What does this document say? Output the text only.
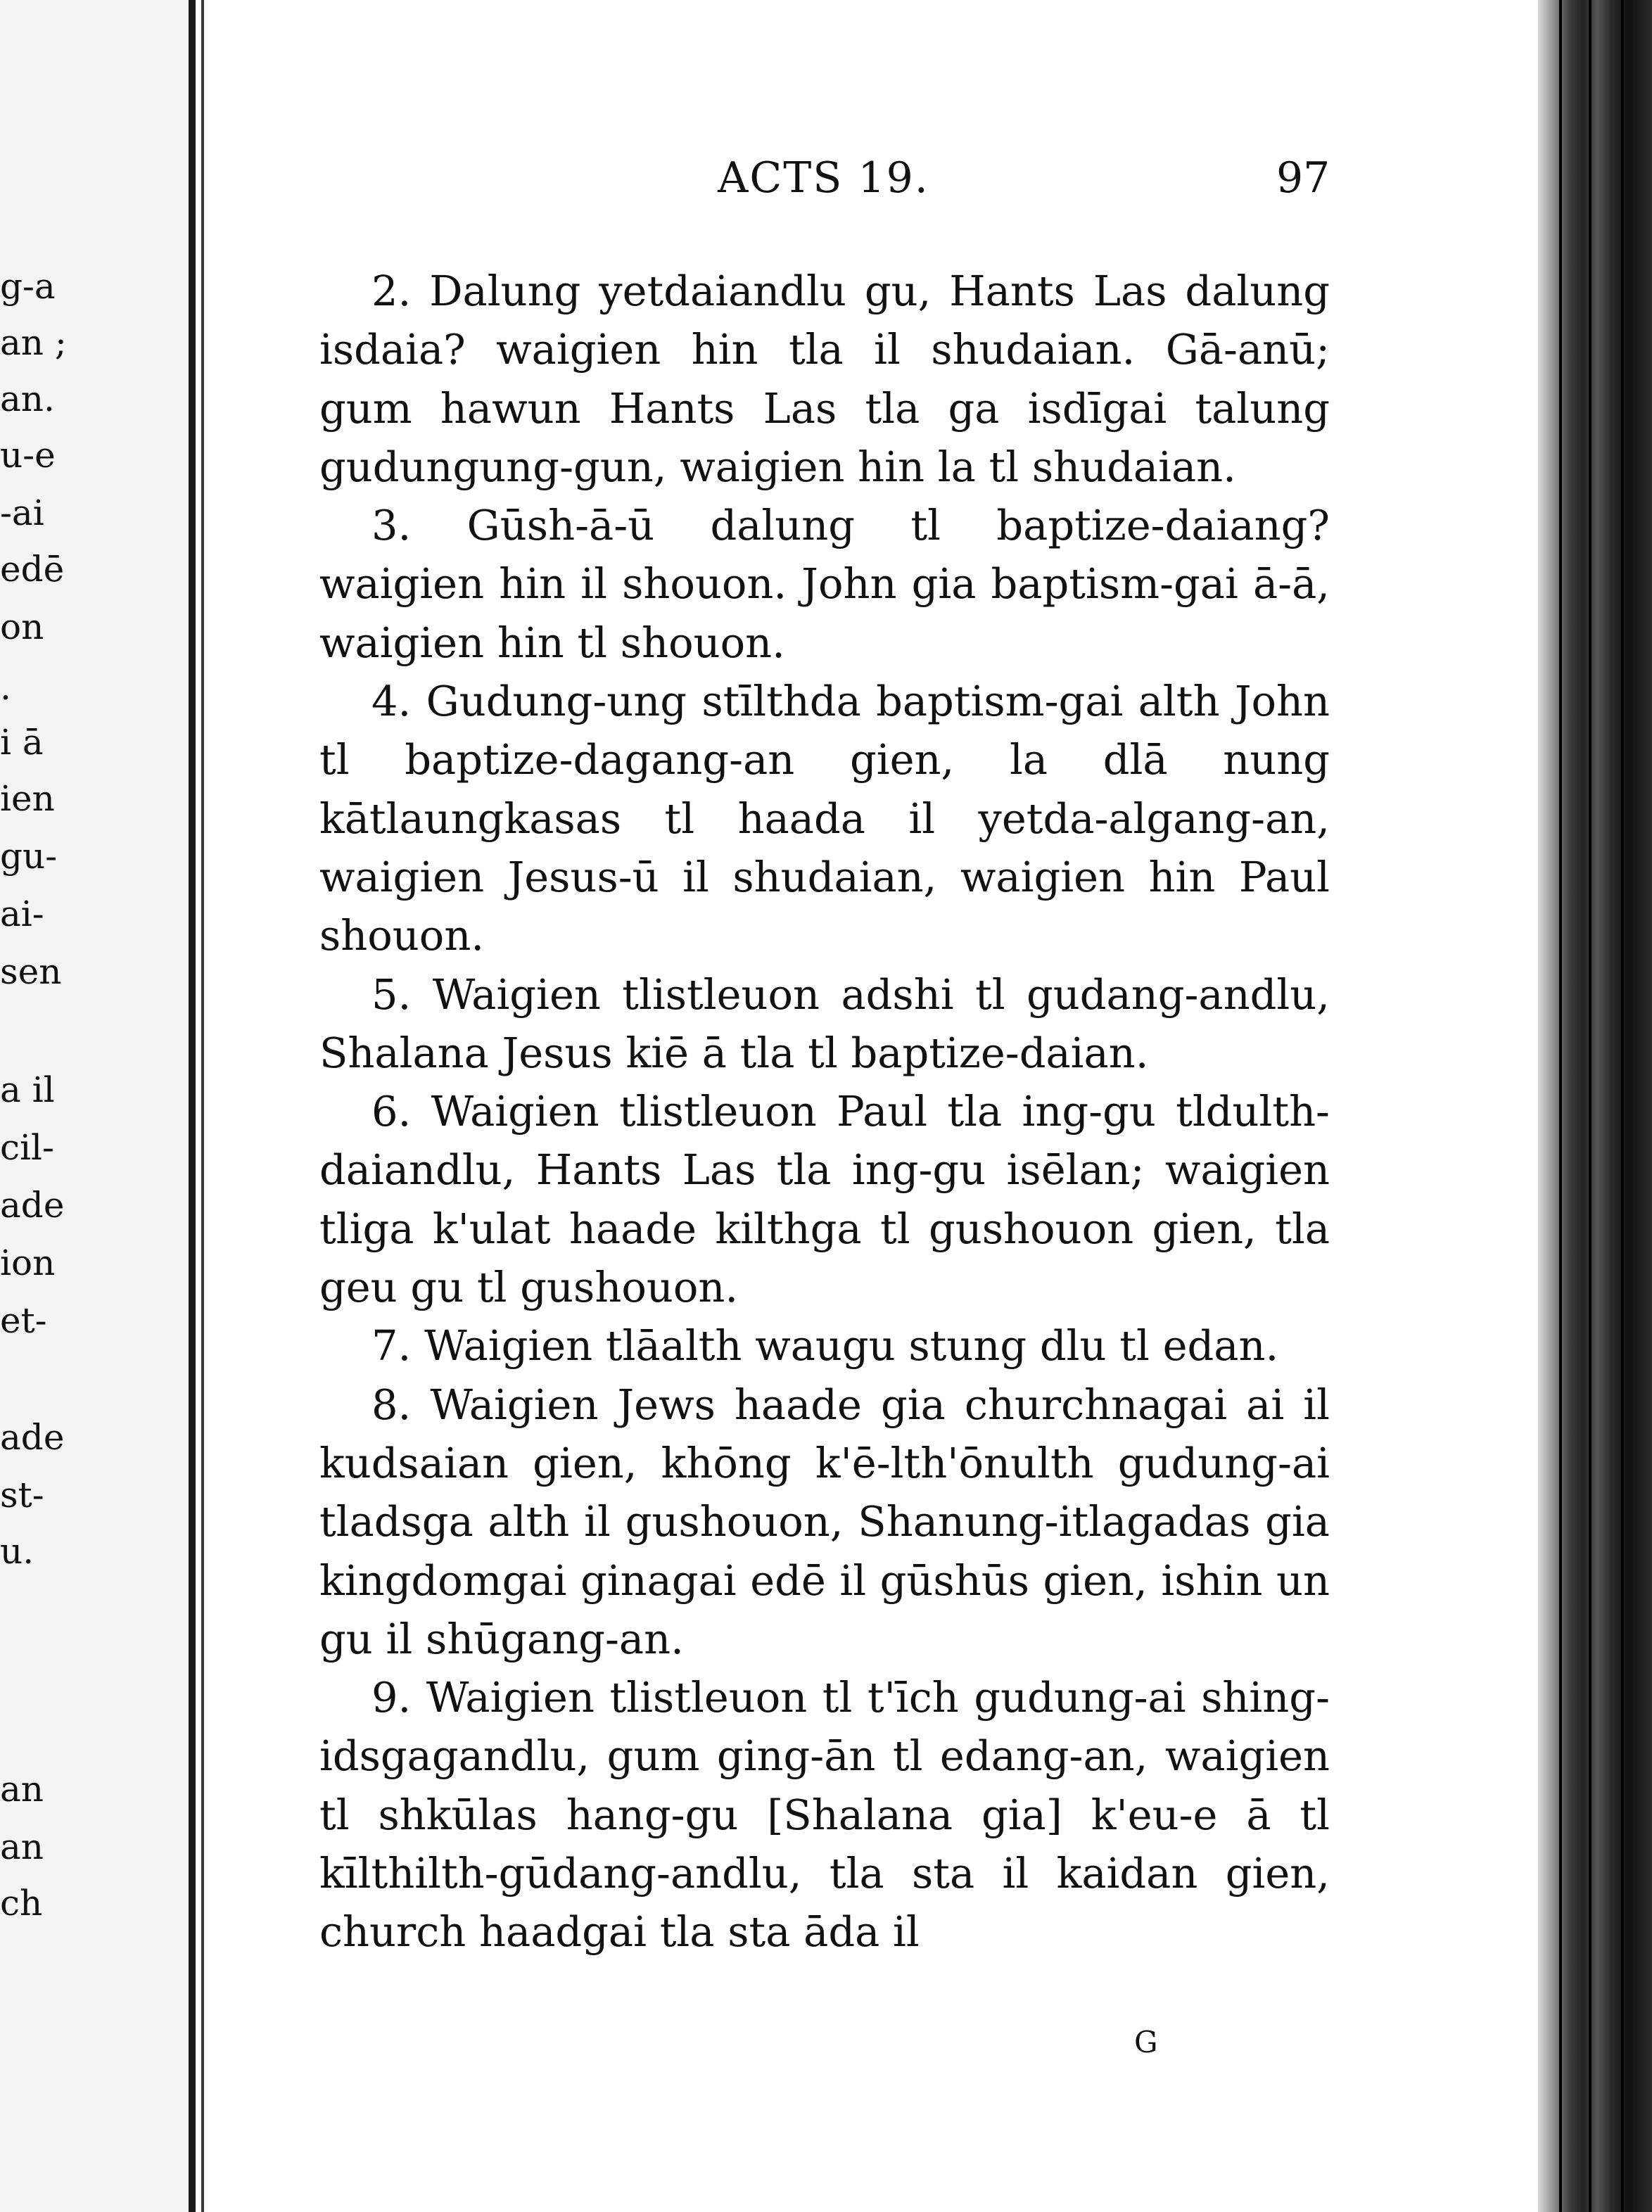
g-a
an ;
an.
u-e
-ai
edē
on
.
i ā
ien
gu-
ai-
sen
a il
cil-
ade
ion
et-
ade
st-
u.
an
an
ch
ACTS 19.	97

2. Dalung yetdaiandlu gu, Hants Las dalung isdaia? waigien hin tla il shudaian. Gā-anū; gum hawun Hants Las tla ga isdīgai talung gudungung-gun, waigien hin la tl shudaian.

3. Gūsh-ā-ū dalung tl baptize-daiang? waigien hin il shouon. John gia baptism-gai ā-ā, waigien hin tl shouon.

4. Gudung-ung stīlthda baptism-gai alth John tl baptize-dagang-an gien, la dlā nung kātlaungkasas tl haada il yetda-algang-an, waigien Jesus-ū il shudaian, waigien hin Paul shouon.

5. Waigien tlistleuon adshi tl gudang-andlu, Shalana Jesus kiē ā tla tl baptize-daian.

6. Waigien tlistleuon Paul tla ing-gu tldulth-daiandlu, Hants Las tla ing-gu isēlan; waigien tliga k'ulat haade kilthga tl gushouon gien, tla geu gu tl gushouon.

7. Waigien tlāalth waugu stung dlu tl edan.

8. Waigien Jews haade gia churchnagai ai il kudsaian gien, khōng k'ē-lth'ōnulth gudung-ai tladsga alth il gushouon, Shanung-itlagadas gia kingdomgai ginagai edē il gūshūs gien, ishin un gu il shūgang-an.

9. Waigien tlistleuon tl t'īch gudung-ai shing-idsgagandlu, gum ging-ān tl edang-an, waigien tl shkūlas hang-gu [Shalana gia] k'eu-e ā tl kīlthilth-gūdang-andlu, tla sta il kaidan gien, church haadgai tla sta āda il

G
